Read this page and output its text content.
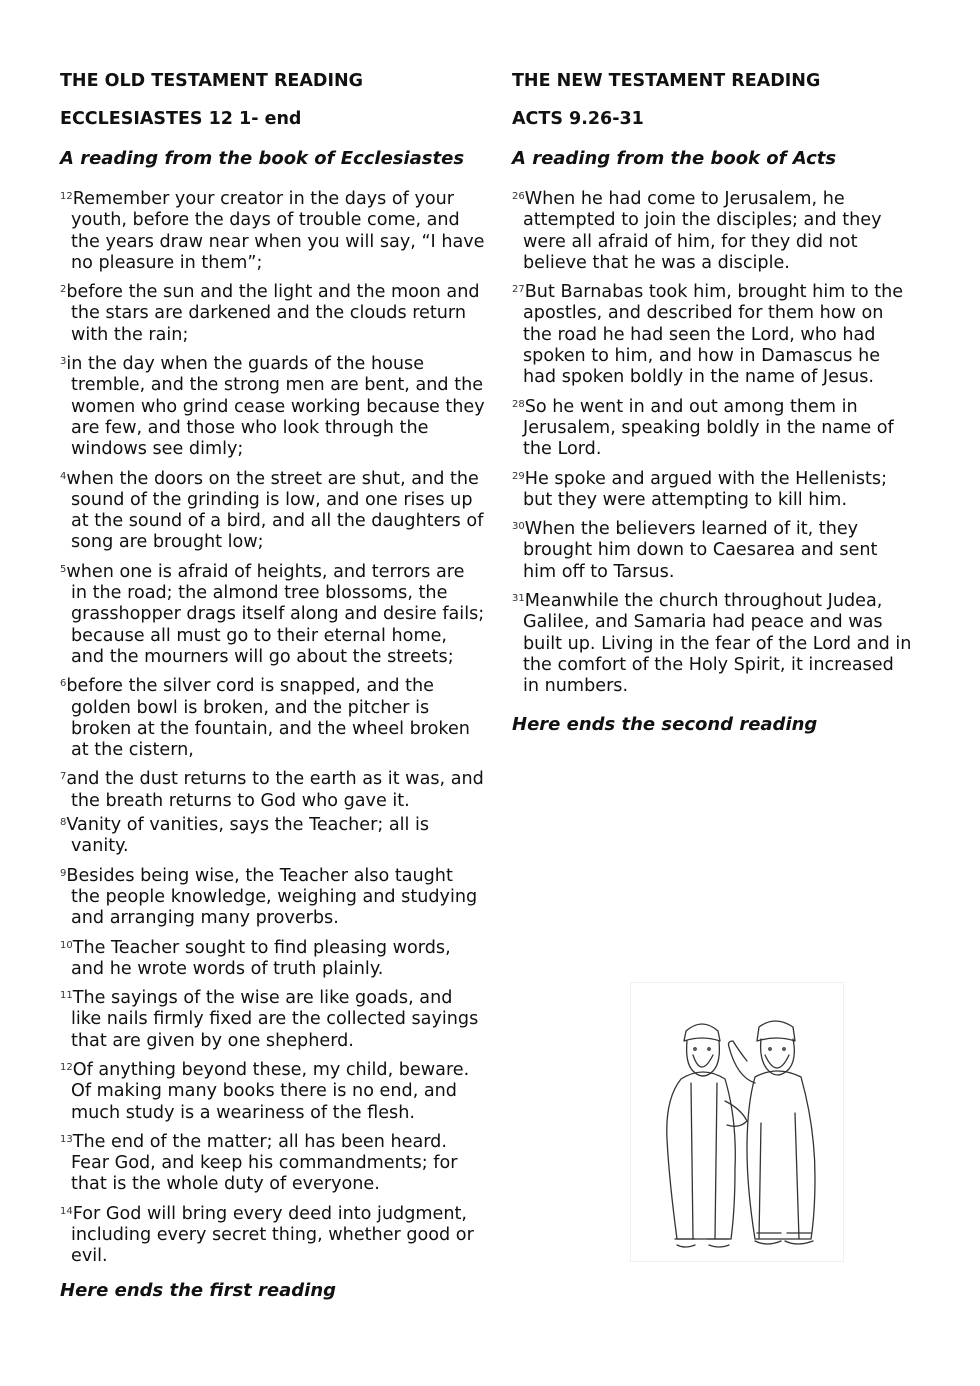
THE OLD TESTAMENT READING

ECCLESIASTES 12 1- end

A reading from the book of Ecclesiastes

$^{12}$Remember your creator in the days of your youth, before the days of trouble come, and the years draw near when you will say, “I have no pleasure in them”;
$^2$before the sun and the light and the moon and the stars are darkened and the clouds return with the rain;
$^3$in the day when the guards of the house tremble, and the strong men are bent, and the women who grind cease working because they are few, and those who look through the windows see dimly;
$^4$when the doors on the street are shut, and the sound of the grinding is low, and one rises up at the sound of a bird, and all the daughters of song are brought low;
$^5$when one is afraid of heights, and terrors are in the road; the almond tree blossoms, the grasshopper drags itself along and desire fails; because all must go to their eternal home, and the mourners will go about the streets;
$^6$before the silver cord is snapped, and the golden bowl is broken, and the pitcher is broken at the fountain, and the wheel broken at the cistern,
$^7$and the dust returns to the earth as it was, and the breath returns to God who gave it.
$^8$Vanity of vanities, says the Teacher; all is vanity.
$^9$Besides being wise, the Teacher also taught the people knowledge, weighing and studying and arranging many proverbs.
$^{10}$The Teacher sought to find pleasing words, and he wrote words of truth plainly.
$^{11}$The sayings of the wise are like goads, and like nails firmly fixed are the collected sayings that are given by one shepherd.
$^{12}$Of anything beyond these, my child, beware. Of making many books there is no end, and much study is a weariness of the flesh.
$^{13}$The end of the matter; all has been heard. Fear God, and keep his commandments; for that is the whole duty of everyone.
$^{14}$For God will bring every deed into judgment, including every secret thing, whether good or evil.

Here ends the first reading

THE NEW TESTAMENT READING

ACTS 9.26-31

A reading from the book of Acts

$^{26}$When he had come to Jerusalem, he attempted to join the disciples; and they were all afraid of him, for they did not believe that he was a disciple.
$^{27}$But Barnabas took him, brought him to the apostles, and described for them how on the road he had seen the Lord, who had spoken to him, and how in Damascus he had spoken boldly in the name of Jesus.
$^{28}$So he went in and out among them in Jerusalem, speaking boldly in the name of the Lord.
$^{29}$He spoke and argued with the Hellenists; but they were attempting to kill him.
$^{30}$When the believers learned of it, they brought him down to Caesarea and sent him off to Tarsus.
$^{31}$Meanwhile the church throughout Judea, Galilee, and Samaria had peace and was built up. Living in the fear of the Lord and in the comfort of the Holy Spirit, it increased in numbers.

Here ends the second reading
